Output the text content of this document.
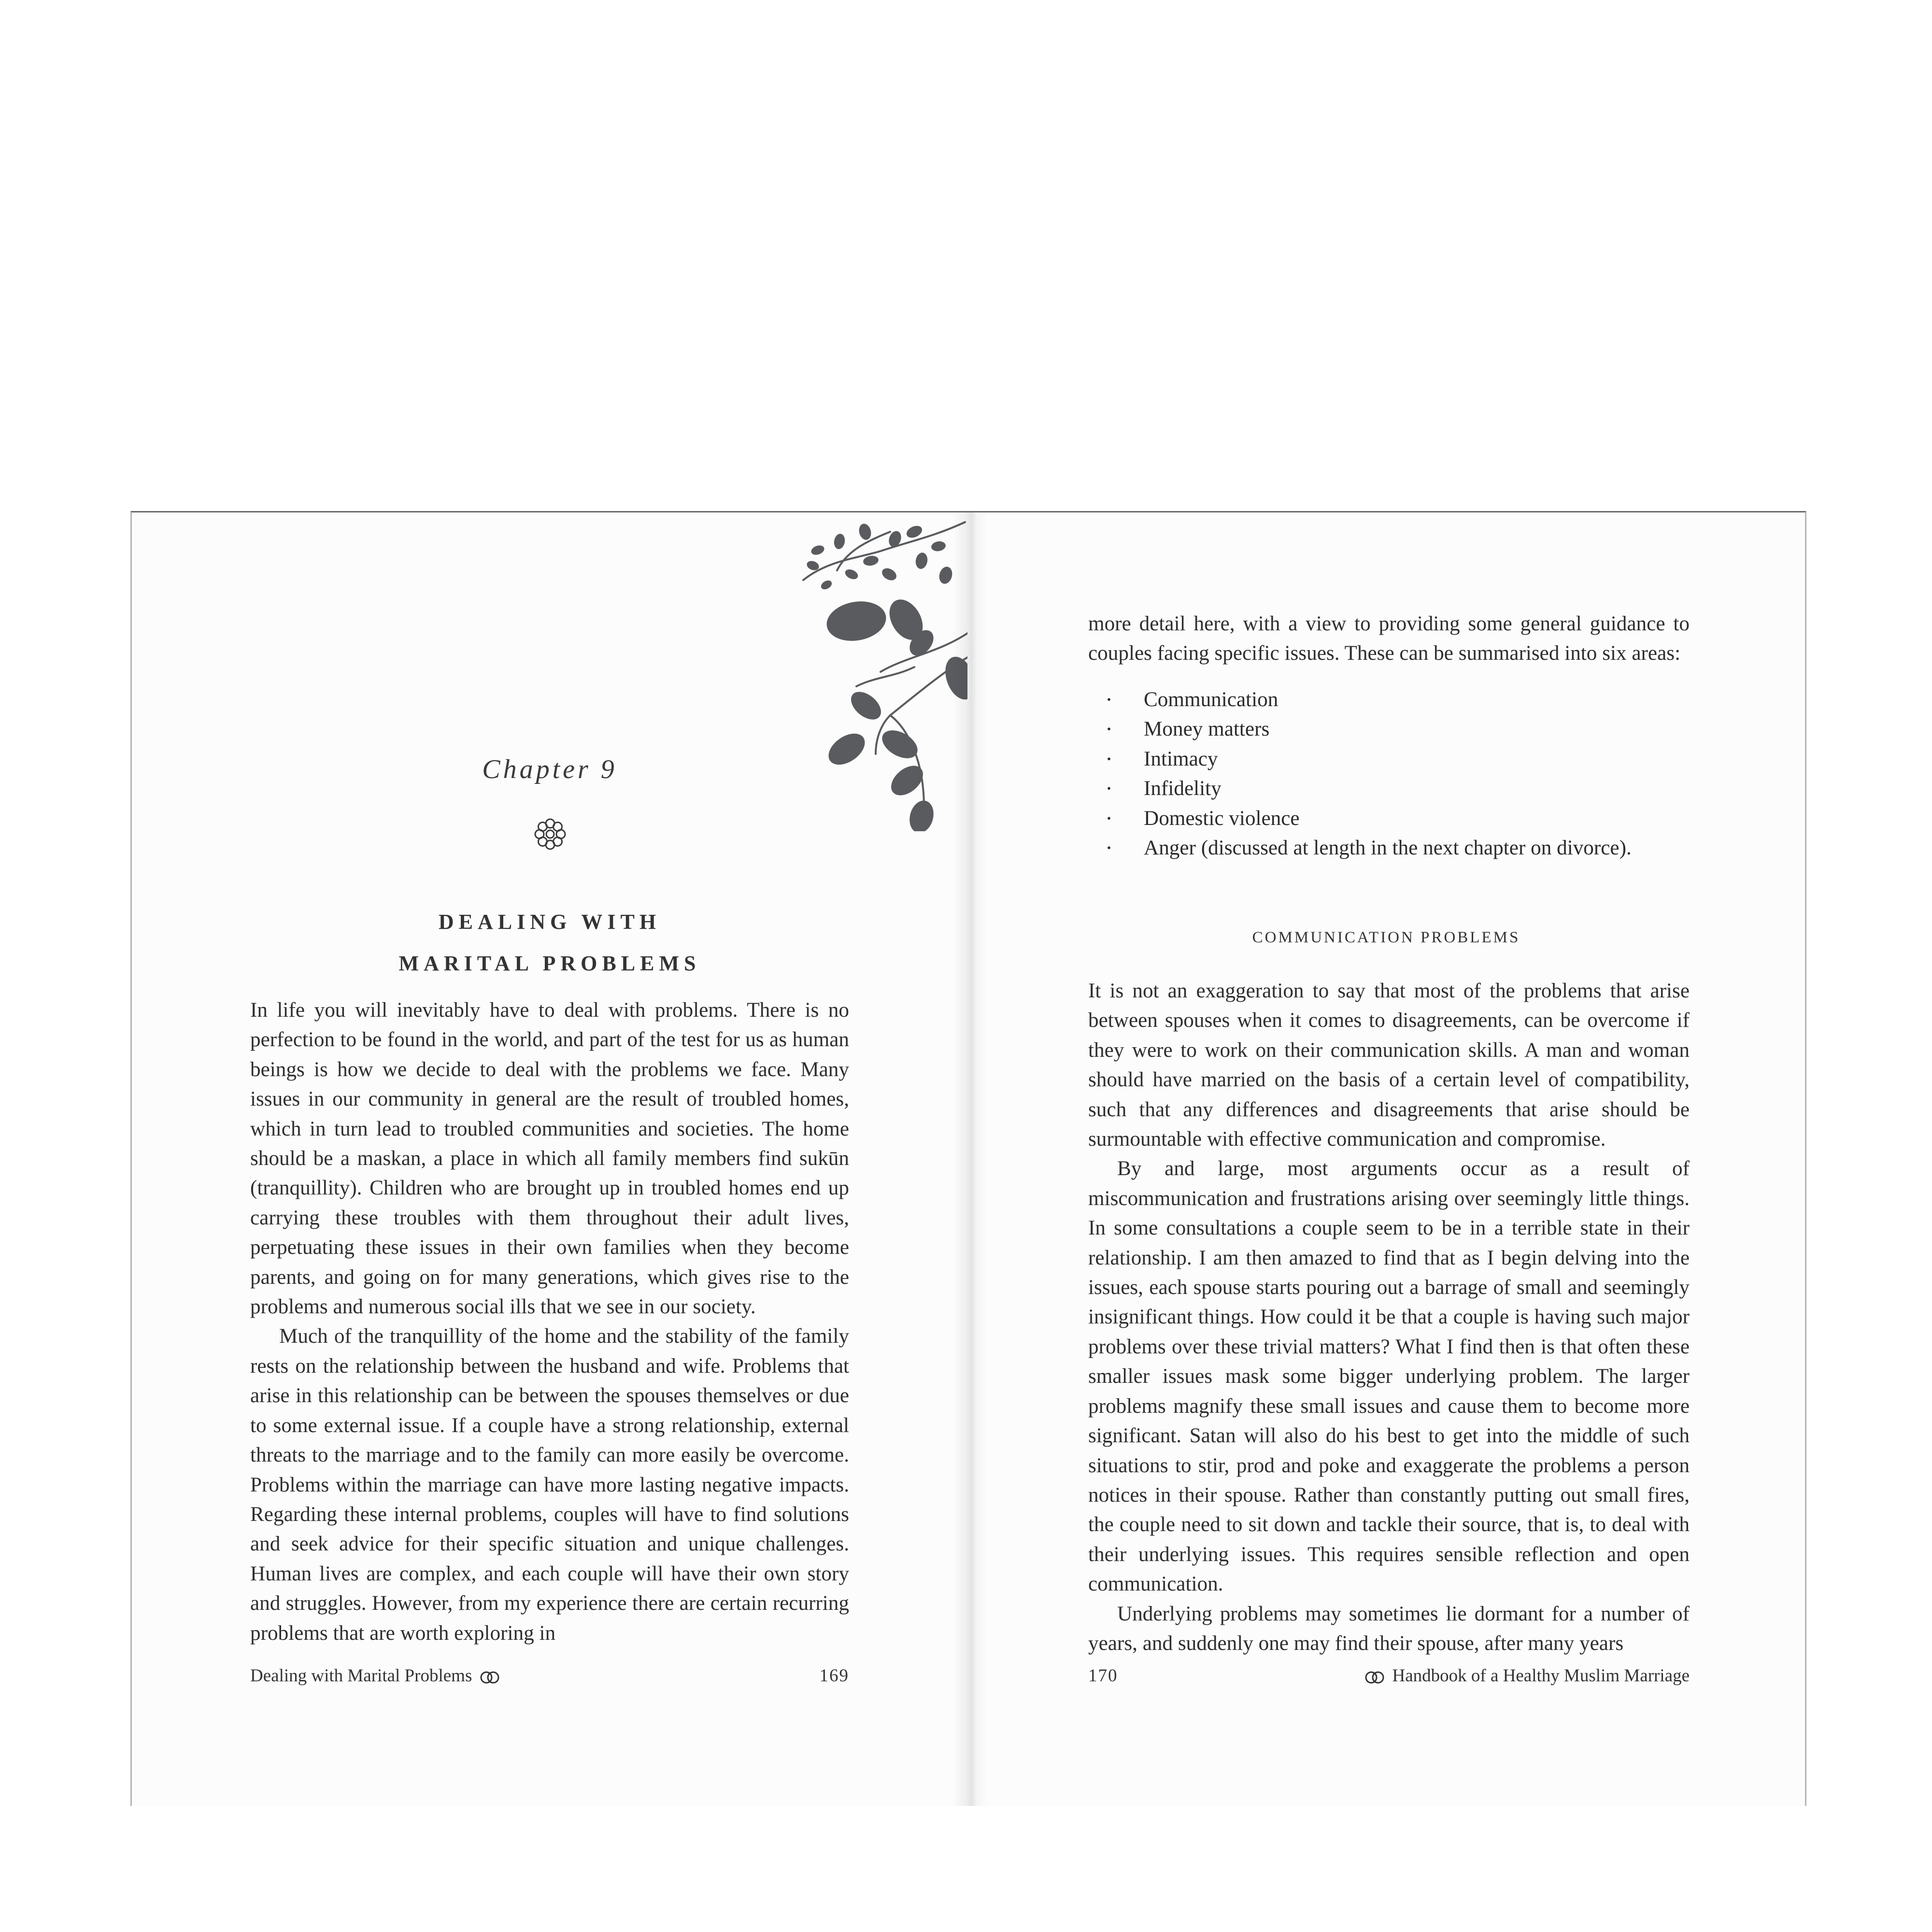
Chapter 9
DEALING WITH
MARITAL PROBLEMS

In life you will inevitably have to deal with problems. There is no perfection to be found in the world, and part of the test for us as human beings is how we decide to deal with the problems we face. Many issues in our community in general are the result of troubled homes, which in turn lead to troubled communities and societies. The home should be a maskan, a place in which all family members find sukūn (tranquillity). Children who are brought up in troubled homes end up carrying these troubles with them throughout their adult lives, perpetuating these issues in their own families when they become parents, and going on for many generations, which gives rise to the problems and numerous social ills that we see in our society.

Much of the tranquillity of the home and the stability of the family rests on the relationship between the husband and wife. Problems that arise in this relationship can be between the spouses themselves or due to some external issue. If a couple have a strong relationship, external threats to the marriage and to the family can more easily be overcome. Problems within the marriage can have more lasting negative impacts. Regarding these internal problems, couples will have to find solutions and seek advice for their specific situation and unique challenges. Human lives are complex, and each couple will have their own story and struggles. However, from my experience there are certain recurring problems that are worth exploring in

Dealing with Marital Problems	169

more detail here, with a view to providing some general guidance to couples facing specific issues. These can be summarised into six areas:

· Communication
· Money matters
· Intimacy
· Infidelity
· Domestic violence
· Anger (discussed at length in the next chapter on divorce).
COMMUNICATION PROBLEMS

It is not an exaggeration to say that most of the problems that arise between spouses when it comes to disagreements, can be overcome if they were to work on their communication skills. A man and woman should have married on the basis of a certain level of compatibility, such that any differences and disagreements that arise should be surmountable with effective communication and compromise.

By and large, most arguments occur as a result of miscommunication and frustrations arising over seemingly little things. In some consultations a couple seem to be in a terrible state in their relationship. I am then amazed to find that as I begin delving into the issues, each spouse starts pouring out a barrage of small and seemingly insignificant things. How could it be that a couple is having such major problems over these trivial matters? What I find then is that often these smaller issues mask some bigger underlying problem. The larger problems magnify these small issues and cause them to become more significant. Satan will also do his best to get into the middle of such situations to stir, prod and poke and exaggerate the problems a person notices in their spouse. Rather than constantly putting out small fires, the couple need to sit down and tackle their source, that is, to deal with their underlying issues. This requires sensible reflection and open communication.

Underlying problems may sometimes lie dormant for a number of years, and suddenly one may find their spouse, after many years

170	Handbook of a Healthy Muslim Marriage
